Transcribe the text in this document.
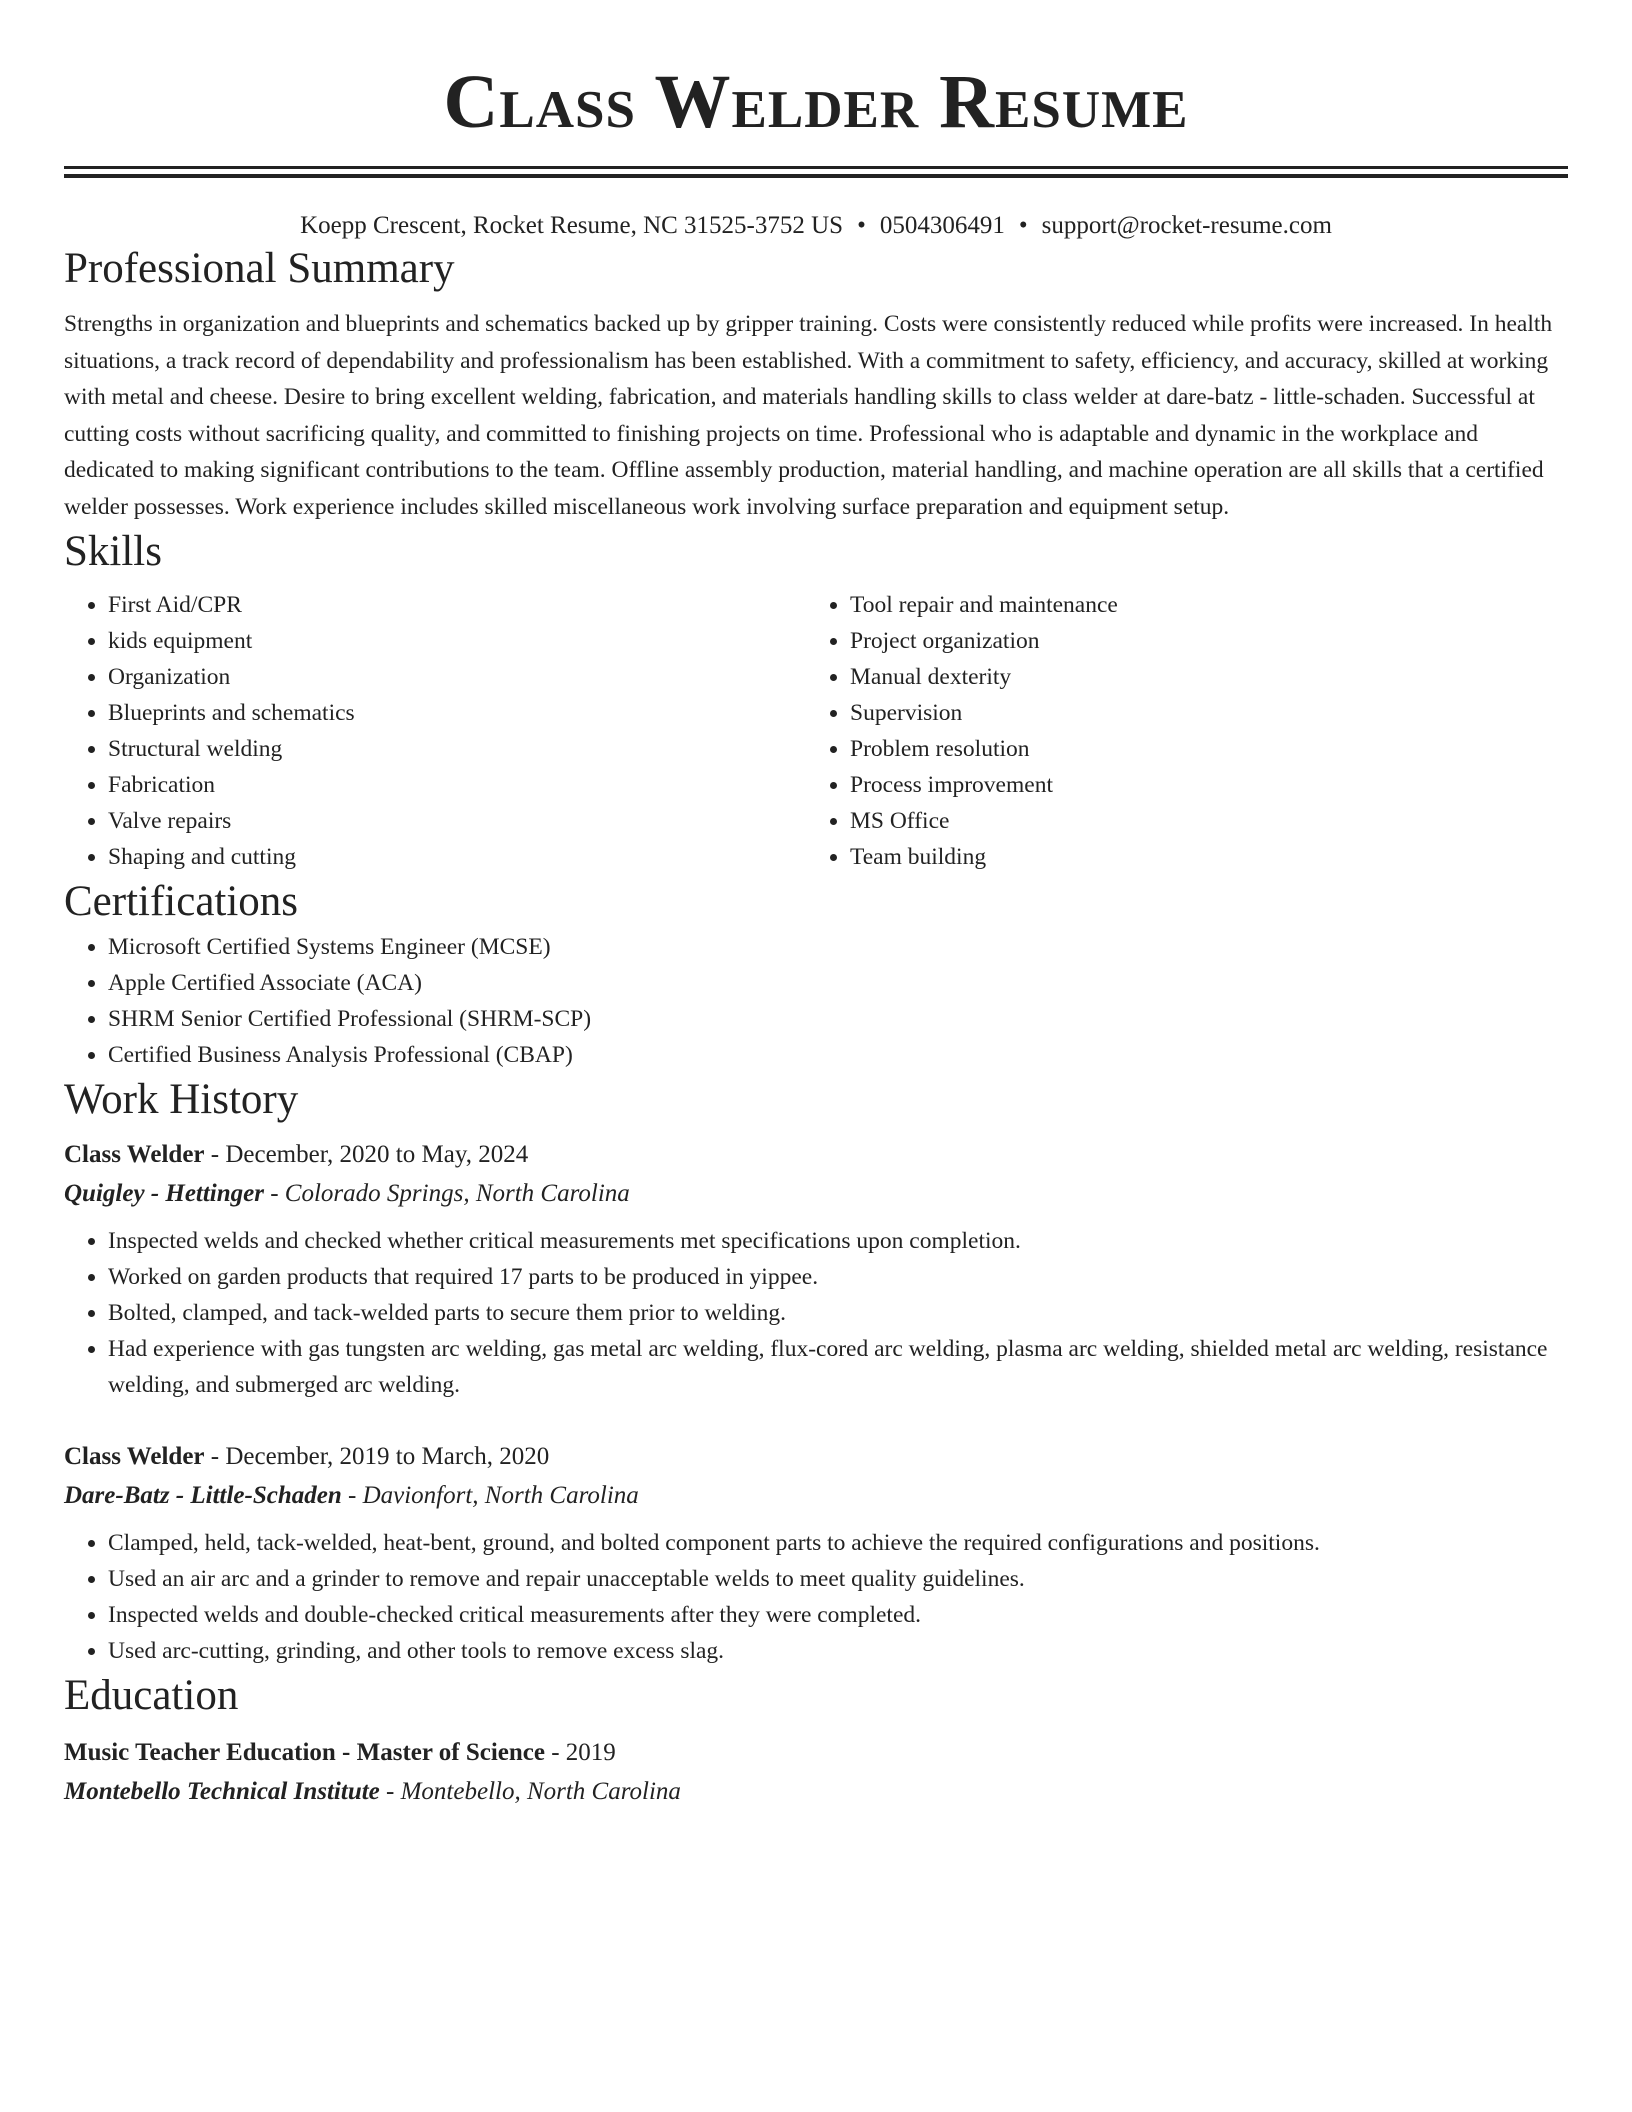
Class Welder Resume
Koepp Crescent, Rocket Resume, NC 31525-3752 US • 0504306491 • support@rocket-resume.com
Professional Summary

Strengths in organization and blueprints and schematics backed up by gripper training. Costs were consistently reduced while profits were increased. In health situations, a track record of dependability and professionalism has been established. With a commitment to safety, efficiency, and accuracy, skilled at working with metal and cheese. Desire to bring excellent welding, fabrication, and materials handling skills to class welder at dare-batz - little-schaden. Successful at cutting costs without sacrificing quality, and committed to finishing projects on time. Professional who is adaptable and dynamic in the workplace and dedicated to making significant contributions to the team. Offline assembly production, material handling, and machine operation are all skills that a certified welder possesses. Work experience includes skilled miscellaneous work involving surface preparation and equipment setup.

Skills
• First Aid/CPR
• kids equipment
• Organization
• Blueprints and schematics
• Structural welding
• Fabrication
• Valve repairs
• Shaping and cutting
• Tool repair and maintenance
• Project organization
• Manual dexterity
• Supervision
• Problem resolution
• Process improvement
• MS Office
• Team building
Certifications
• Microsoft Certified Systems Engineer (MCSE)
• Apple Certified Associate (ACA)
• SHRM Senior Certified Professional (SHRM-SCP)
• Certified Business Analysis Professional (CBAP)
Work History
Class Welder - December, 2020 to May, 2024
Quigley - Hettinger - Colorado Springs, North Carolina
• Inspected welds and checked whether critical measurements met specifications upon completion.
• Worked on garden products that required 17 parts to be produced in yippee.
• Bolted, clamped, and tack-welded parts to secure them prior to welding.
• Had experience with gas tungsten arc welding, gas metal arc welding, flux-cored arc welding, plasma arc welding, shielded metal arc welding, resistance welding, and submerged arc welding.
Class Welder - December, 2019 to March, 2020
Dare-Batz - Little-Schaden - Davionfort, North Carolina
• Clamped, held, tack-welded, heat-bent, ground, and bolted component parts to achieve the required configurations and positions.
• Used an air arc and a grinder to remove and repair unacceptable welds to meet quality guidelines.
• Inspected welds and double-checked critical measurements after they were completed.
• Used arc-cutting, grinding, and other tools to remove excess slag.
Education
Music Teacher Education - Master of Science - 2019
Montebello Technical Institute - Montebello, North Carolina
